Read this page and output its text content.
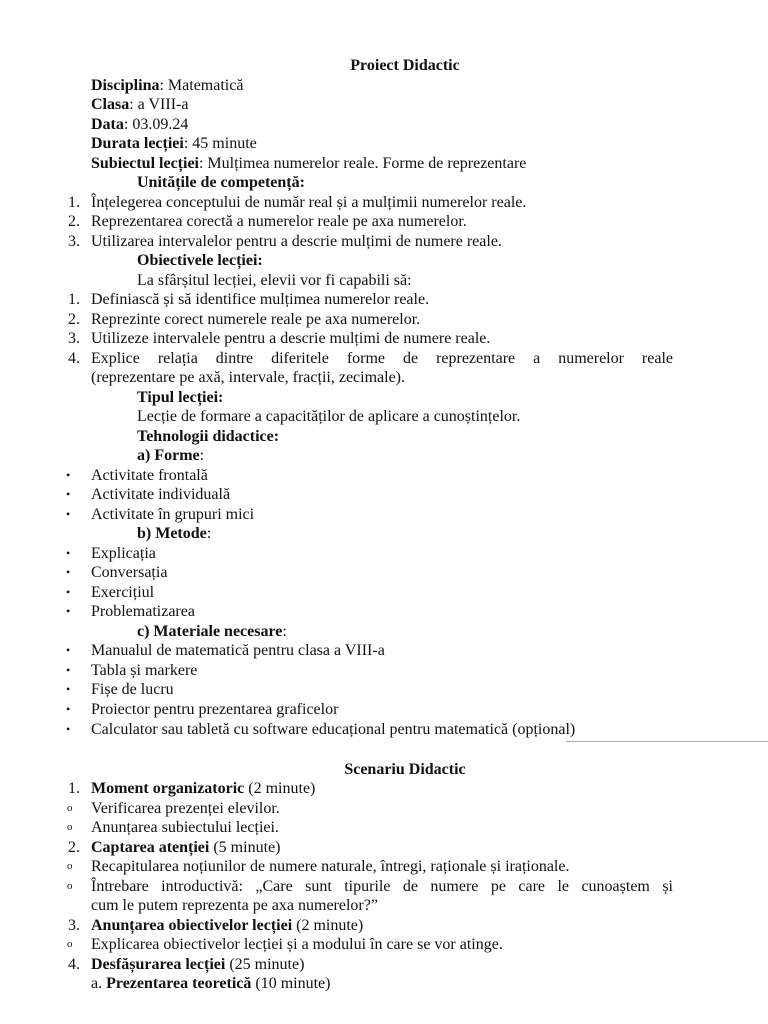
Proiect Didactic
Disciplina: Matematică
Clasa: a VIII-a
Data: 03.09.24
Durata lecției: 45 minute
Subiectul lecției: Mulțimea numerelor reale. Forme de reprezentare
Unitățile de competență:
1. Înțelegerea conceptului de număr real și a mulțimii numerelor reale.
2. Reprezentarea corectă a numerelor reale pe axa numerelor.
3. Utilizarea intervalelor pentru a descrie mulțimi de numere reale.
Obiectivele lecției:
La sfârșitul lecției, elevii vor fi capabili să:
1. Definiască și să identifice mulțimea numerelor reale.
2. Reprezinte corect numerele reale pe axa numerelor.
3. Utilizeze intervalele pentru a descrie mulțimi de numere reale.
4. Explice relația dintre diferitele forme de reprezentare a numerelor reale
(reprezentare pe axă, intervale, fracții, zecimale).
Tipul lecției:
Lecție de formare a capacităților de aplicare a cunoștințelor.
Tehnologii didactice:
a) Forme:
• Activitate frontală
• Activitate individuală
• Activitate în grupuri mici
b) Metode:
• Explicația
• Conversația
• Exercițiul
• Problematizarea
c) Materiale necesare:
• Manualul de matematică pentru clasa a VIII-a
• Tabla și markere
• Fișe de lucru
• Proiector pentru prezentarea graficelor
• Calculator sau tabletă cu software educațional pentru matematică (opțional)
Scenariu Didactic
1. Moment organizatoric (2 minute)
o Verificarea prezenței elevilor.
o Anunțarea subiectului lecției.
2. Captarea atenției (5 minute)
o Recapitularea noțiunilor de numere naturale, întregi, raționale și iraționale.
o Întrebare introductivă: „Care sunt tipurile de numere pe care le cunoaștem și
cum le putem reprezenta pe axa numerelor?”
3. Anunțarea obiectivelor lecției (2 minute)
o Explicarea obiectivelor lecției și a modului în care se vor atinge.
4. Desfășurarea lecției (25 minute)
a. Prezentarea teoretică (10 minute)
